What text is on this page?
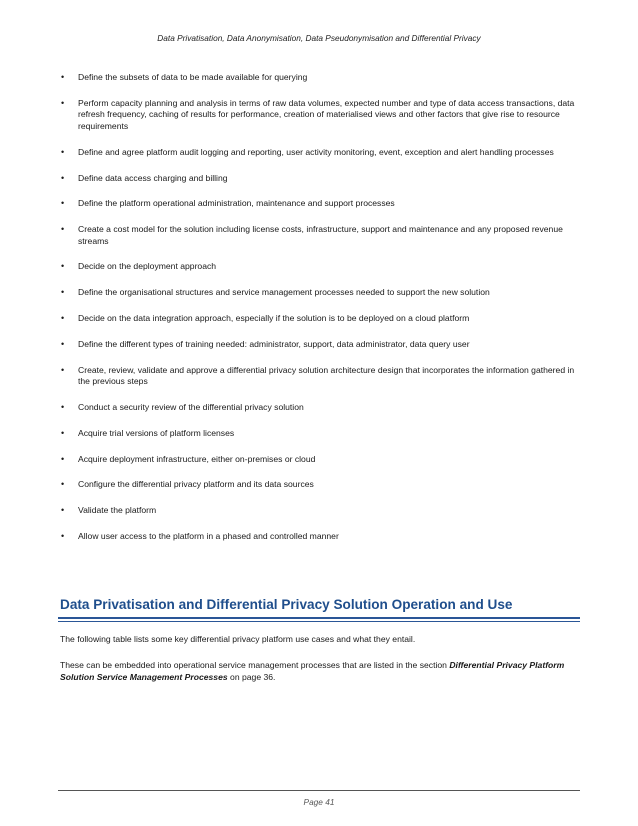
Data Privatisation, Data Anonymisation, Data Pseudonymisation and Differential Privacy
• Define the subsets of data to be made available for querying
• Perform capacity planning and analysis in terms of raw data volumes, expected number and type of data access transactions, data refresh frequency, caching of results for performance, creation of materialised views and other factors that give rise to resource requirements
• Define and agree platform audit logging and reporting, user activity monitoring, event, exception and alert handling processes
• Define data access charging and billing
• Define the platform operational administration, maintenance and support processes
• Create a cost model for the solution including license costs, infrastructure, support and maintenance and any proposed revenue streams
• Decide on the deployment approach
• Define the organisational structures and service management processes needed to support the new solution
• Decide on the data integration approach, especially if the solution is to be deployed on a cloud platform
• Define the different types of training needed: administrator, support, data administrator, data query user
• Create, review, validate and approve a differential privacy solution architecture design that incorporates the information gathered in the previous steps
• Conduct a security review of the differential privacy solution
• Acquire trial versions of platform licenses
• Acquire deployment infrastructure, either on-premises or cloud
• Configure the differential privacy platform and its data sources
• Validate the platform
• Allow user access to the platform in a phased and controlled manner
Data Privatisation and Differential Privacy Solution Operation and Use

The following table lists some key differential privacy platform use cases and what they entail.

These can be embedded into operational service management processes that are listed in the section Differential Privacy Platform Solution Service Management Processes on page 36.

Page 41
